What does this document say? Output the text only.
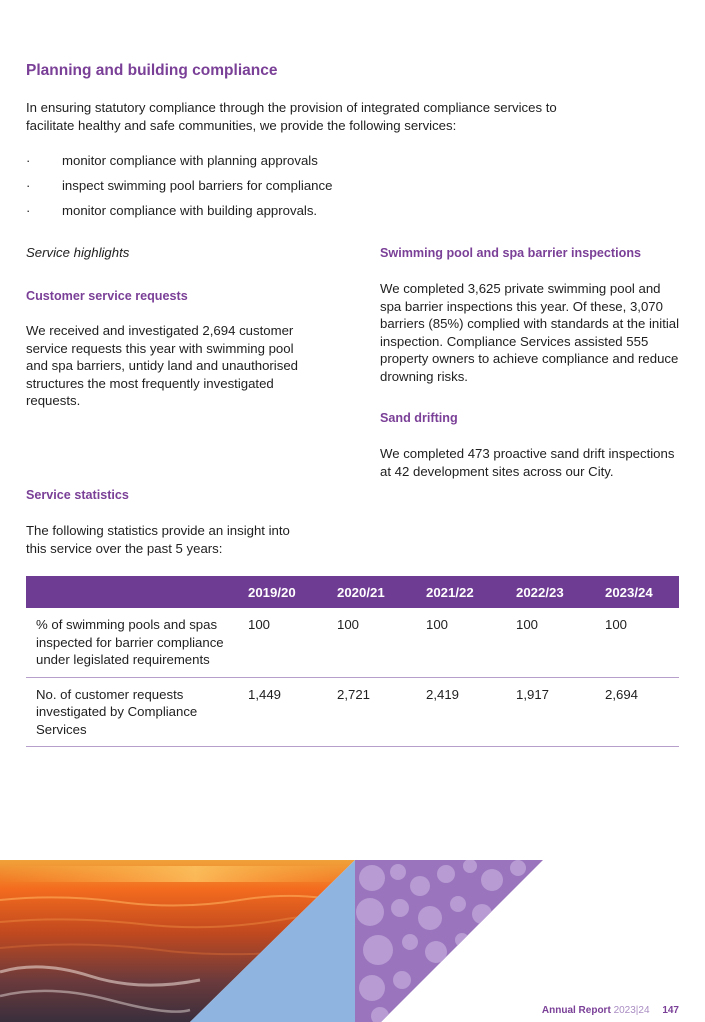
Planning and building compliance

In ensuring statutory compliance through the provision of integrated compliance services to facilitate healthy and safe communities, we provide the following services:

· monitor compliance with planning approvals
· inspect swimming pool barriers for compliance
· monitor compliance with building approvals.
Service highlights
Customer service requests

We received and investigated 2,694 customer service requests this year with swimming pool and spa barriers, untidy land and unauthorised structures the most frequently investigated requests.

Service statistics

The following statistics provide an insight into this service over the past 5 years:

Swimming pool and spa barrier inspections

We completed 3,625 private swimming pool and spa barrier inspections this year. Of these, 3,070 barriers (85%) complied with standards at the initial inspection. Compliance Services assisted 555 property owners to achieve compliance and reduce drowning risks.

Sand drifting

We completed 473 proactive sand drift inspections at 42 development sites across our City.

	2019/20	2020/21	2021/22	2022/23	2023/24
% of swimming pools and spas inspected for barrier compliance under legislated requirements	100	100	100	100	100
No. of customer requests investigated by Compliance Services	1,449	2,721	2,419	1,917	2,694
Annual Report 2023|24 147
